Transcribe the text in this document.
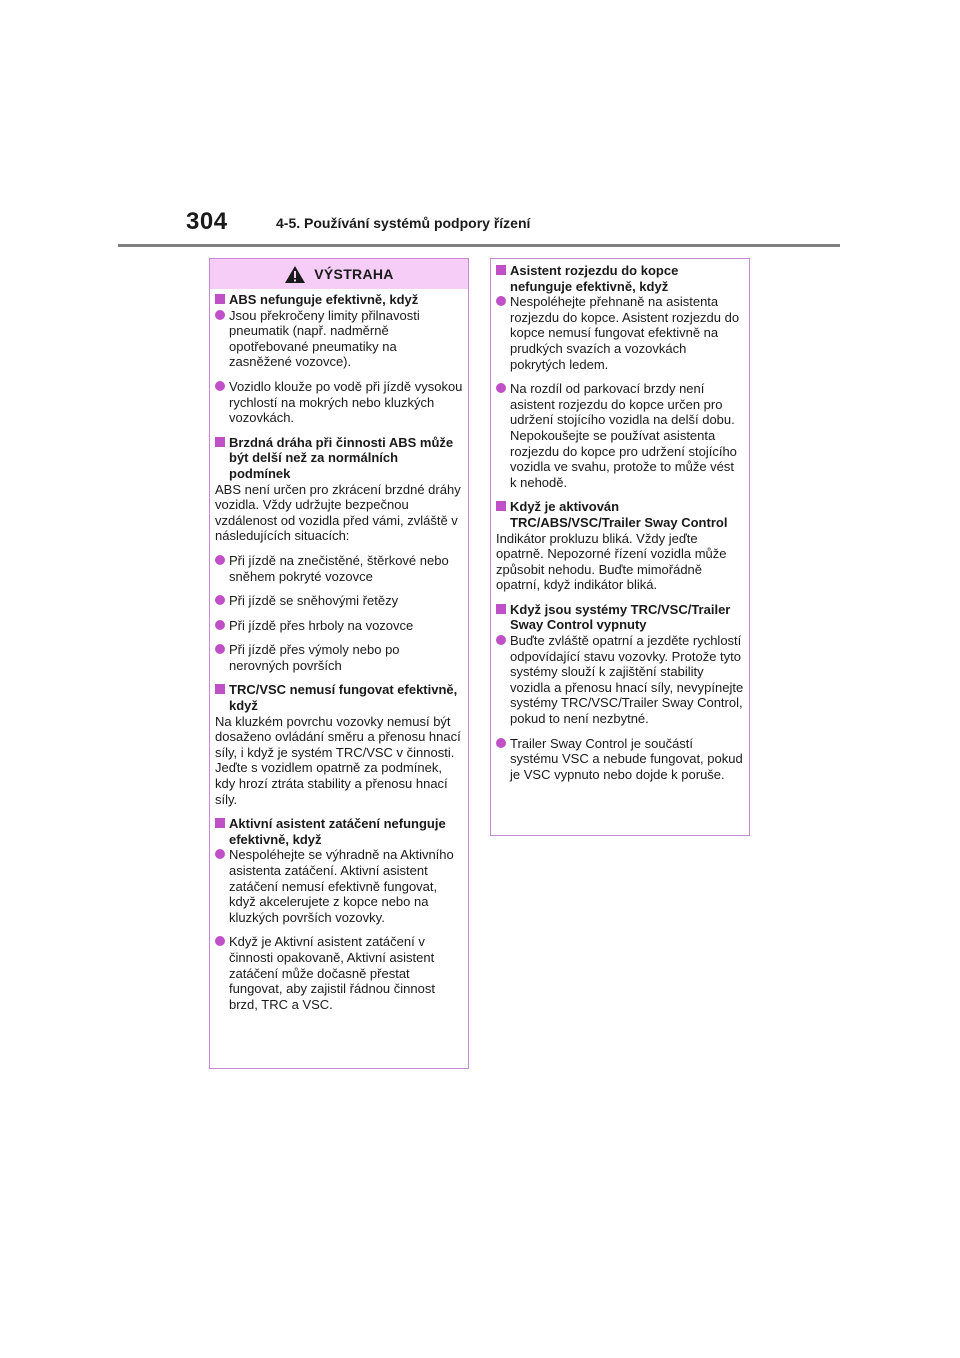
304	4-5. Používání systémů podpory řízení
VÝSTRAHA
ABS nefunguje efektivně, když
Jsou překročeny limity přilnavosti pneumatik (např. nadměrně opotřebované pneumatiky na zasněžené vozovce).
Vozidlo klouže po vodě při jízdě vysokou rychlostí na mokrých nebo kluzkých vozovkách.
Brzdná dráha při činnosti ABS může být delší než za normálních podmínek
ABS není určen pro zkrácení brzdné dráhy vozidla. Vždy udržujte bezpečnou vzdálenost od vozidla před vámi, zvláště v následujících situacích:
Při jízdě na znečistěné, štěrkové nebo sněhem pokryté vozovce
Při jízdě se sněhovými řetězy
Při jízdě přes hrboly na vozovce
Při jízdě přes výmoly nebo po nerovných površích
TRC/VSC nemusí fungovat efektivně, když
Na kluzkém povrchu vozovky nemusí být dosaženo ovládání směru a přenosu hnací síly, i když je systém TRC/VSC v činnosti. Jeďte s vozidlem opatrně za podmínek, kdy hrozí ztráta stability a přenosu hnací síly.
Aktivní asistent zatáčení nefunguje efektivně, když
Nespoléhejte se výhradně na Aktivního asistenta zatáčení. Aktivní asistent zatáčení nemusí efektivně fungovat, když akcelerujete z kopce nebo na kluzkých površích vozovky.
Když je Aktivní asistent zatáčení v činnosti opakovaně, Aktivní asistent zatáčení může dočasně přestat fungovat, aby zajistil řádnou činnost brzd, TRC a VSC.
Asistent rozjezdu do kopce nefunguje efektivně, když
Nespoléhejte přehnaně na asistenta rozjezdu do kopce. Asistent rozjezdu do kopce nemusí fungovat efektivně na prudkých svazích a vozovkách pokrytých ledem.
Na rozdíl od parkovací brzdy není asistent rozjezdu do kopce určen pro udržení stojícího vozidla na delší dobu. Nepokoušejte se používat asistenta rozjezdu do kopce pro udržení stojícího vozidla ve svahu, protože to může vést k nehodě.
Když je aktivován TRC/ABS/VSC/Trailer Sway Control
Indikátor prokluzu bliká. Vždy jeďte opatrně. Nepozorné řízení vozidla může způsobit nehodu. Buďte mimořádně opatrní, když indikátor bliká.
Když jsou systémy TRC/VSC/Trailer Sway Control vypnuty
Buďte zvláště opatrní a jezděte rychlostí odpovídající stavu vozovky. Protože tyto systémy slouží k zajištění stability vozidla a přenosu hnací síly, nevypínejte systémy TRC/VSC/Trailer Sway Control, pokud to není nezbytné.
Trailer Sway Control je součástí systému VSC a nebude fungovat, pokud je VSC vypnuto nebo dojde k poruše.
